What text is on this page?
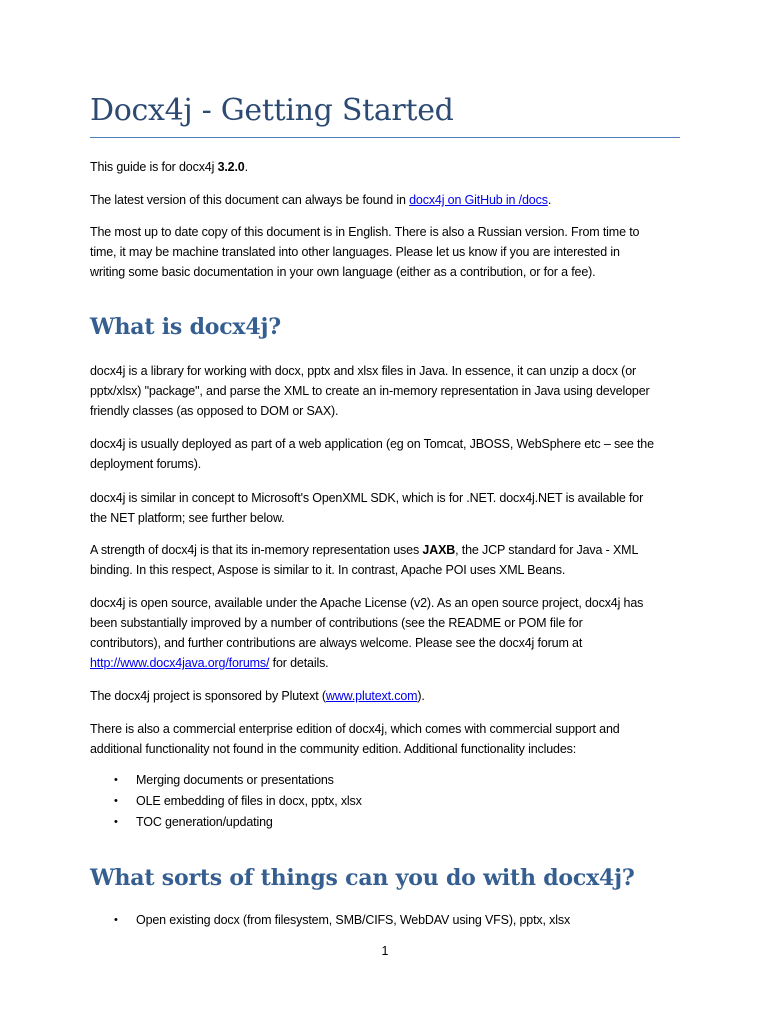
Docx4j - Getting Started

This guide is for docx4j 3.2.0.

The latest version of this document can always be found in docx4j on GitHub in /docs.

The most up to date copy of this document is in English. There is also a Russian version. From time to
time, it may be machine translated into other languages. Please let us know if you are interested in
writing some basic documentation in your own language (either as a contribution, or for a fee).

What is docx4j?

docx4j is a library for working with docx, pptx and xlsx files in Java. In essence, it can unzip a docx (or
pptx/xlsx) "package", and parse the XML to create an in-memory representation in Java using developer
friendly classes (as opposed to DOM or SAX).

docx4j is usually deployed as part of a web application (eg on Tomcat, JBOSS, WebSphere etc – see the
deployment forums).

docx4j is similar in concept to Microsoft's OpenXML SDK, which is for .NET. docx4j.NET is available for
the NET platform; see further below.

A strength of docx4j is that its in-memory representation uses JAXB, the JCP standard for Java - XML
binding. In this respect, Aspose is similar to it. In contrast, Apache POI uses XML Beans.

docx4j is open source, available under the Apache License (v2). As an open source project, docx4j has
been substantially improved by a number of contributions (see the README or POM file for
contributors), and further contributions are always welcome. Please see the docx4j forum at
http://www.docx4java.org/forums/ for details.

The docx4j project is sponsored by Plutext (www.plutext.com).

There is also a commercial enterprise edition of docx4j, which comes with commercial support and
additional functionality not found in the community edition. Additional functionality includes:

• Merging documents or presentations
• OLE embedding of files in docx, pptx, xlsx
• TOC generation/updating
What sorts of things can you do with docx4j?
• Open existing docx (from filesystem, SMB/CIFS, WebDAV using VFS), pptx, xlsx
1
